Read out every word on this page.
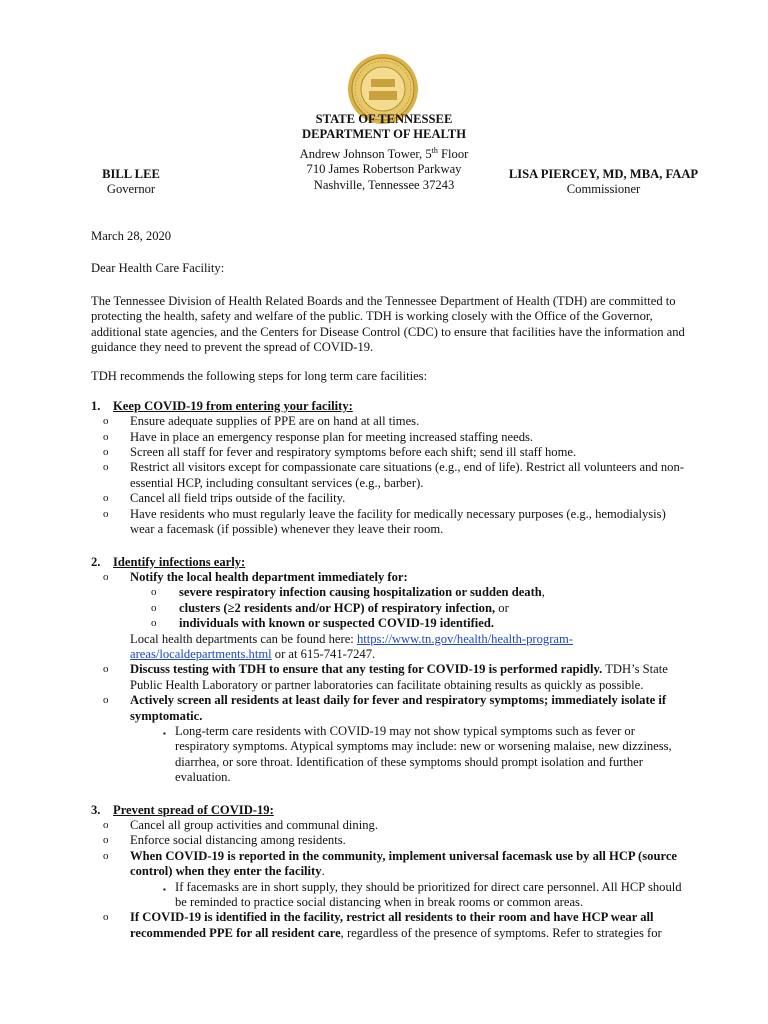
STATE OF TENNESSEE
DEPARTMENT OF HEALTH
Andrew Johnson Tower, 5th Floor
710 James Robertson Parkway
Nashville, Tennessee 37243
BILL LEE
Governor
LISA PIERCEY, MD, MBA, FAAP
Commissioner

March 28, 2020

Dear Health Care Facility:

The Tennessee Division of Health Related Boards and the Tennessee Department of Health (TDH) are committed to protecting the health, safety and welfare of the public. TDH is working closely with the Office of the Governor, additional state agencies, and the Centers for Disease Control (CDC) to ensure that facilities have the information and guidance they need to prevent the spread of COVID-19.

TDH recommends the following steps for long term care facilities:

1. Keep COVID-19 from entering your facility:
o	Ensure adequate supplies of PPE are on hand at all times.
o	Have in place an emergency response plan for meeting increased staffing needs.
o	Screen all staff for fever and respiratory symptoms before each shift; send ill staff home.
o	Restrict all visitors except for compassionate care situations (e.g., end of life). Restrict all volunteers and non-essential HCP, including consultant services (e.g., barber).
o	Cancel all field trips outside of the facility.
o	Have residents who must regularly leave the facility for medically necessary purposes (e.g., hemodialysis) wear a facemask (if possible) whenever they leave their room.
2. Identify infections early:
o	Notify the local health department immediately for:
o	severe respiratory infection causing hospitalization or sudden death,
o	clusters (≥2 residents and/or HCP) of respiratory infection, or
o	individuals with known or suspected COVID-19 identified.
Local health departments can be found here: https://www.tn.gov/health/health-program-areas/localdepartments.html or at 615-741-7247.
o	Discuss testing with TDH to ensure that any testing for COVID-19 is performed rapidly. TDH’s State Public Health Laboratory or partner laboratories can facilitate obtaining results as quickly as possible.
o	Actively screen all residents at least daily for fever and respiratory symptoms; immediately isolate if symptomatic.
▪ Long-term care residents with COVID-19 may not show typical symptoms such as fever or respiratory symptoms. Atypical symptoms may include: new or worsening malaise, new dizziness, diarrhea, or sore throat. Identification of these symptoms should prompt isolation and further evaluation.
3. Prevent spread of COVID-19:
o	Cancel all group activities and communal dining.
o	Enforce social distancing among residents.
o	When COVID-19 is reported in the community, implement universal facemask use by all HCP (source control) when they enter the facility.
▪ If facemasks are in short supply, they should be prioritized for direct care personnel. All HCP should be reminded to practice social distancing when in break rooms or common areas.
o	If COVID-19 is identified in the facility, restrict all residents to their room and have HCP wear all recommended PPE for all resident care, regardless of the presence of symptoms. Refer to strategies for
